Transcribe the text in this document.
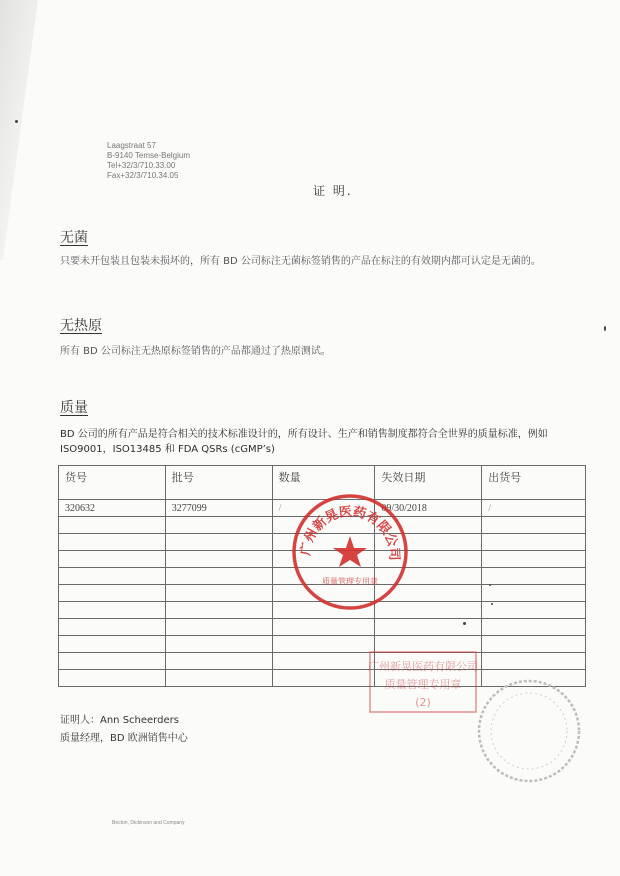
Laagstraat 57
B-9140 Temse-Belgium
Tel+32/3/710.33.00
Fax+32/3/710.34.05
证 明.
无菌
只要未开包装且包装未损坏的，所有 BD 公司标注无菌标签销售的产品在标注的有效期内都可认定是无菌的。
无热原
所有 BD 公司标注无热原标签销售的产品都通过了热原测试。
质量
BD 公司的所有产品是符合相关的技术标准设计的，所有设计、生产和销售制度都符合全世界的质量标准，例如 ISO9001，ISO13485 和 FDA QSRs (cGMP’s)
货号	批号	数量	失效日期	出货号
320632	3277099	/	09/30/2018	/

证明人：Ann Scheerders
质量经理，BD 欧洲销售中心
Becton, Dickinson and Company
广州新晃医药有限公司
质量管理专用章
广州新晃医药有限公司
质量管理专用章
(2)
